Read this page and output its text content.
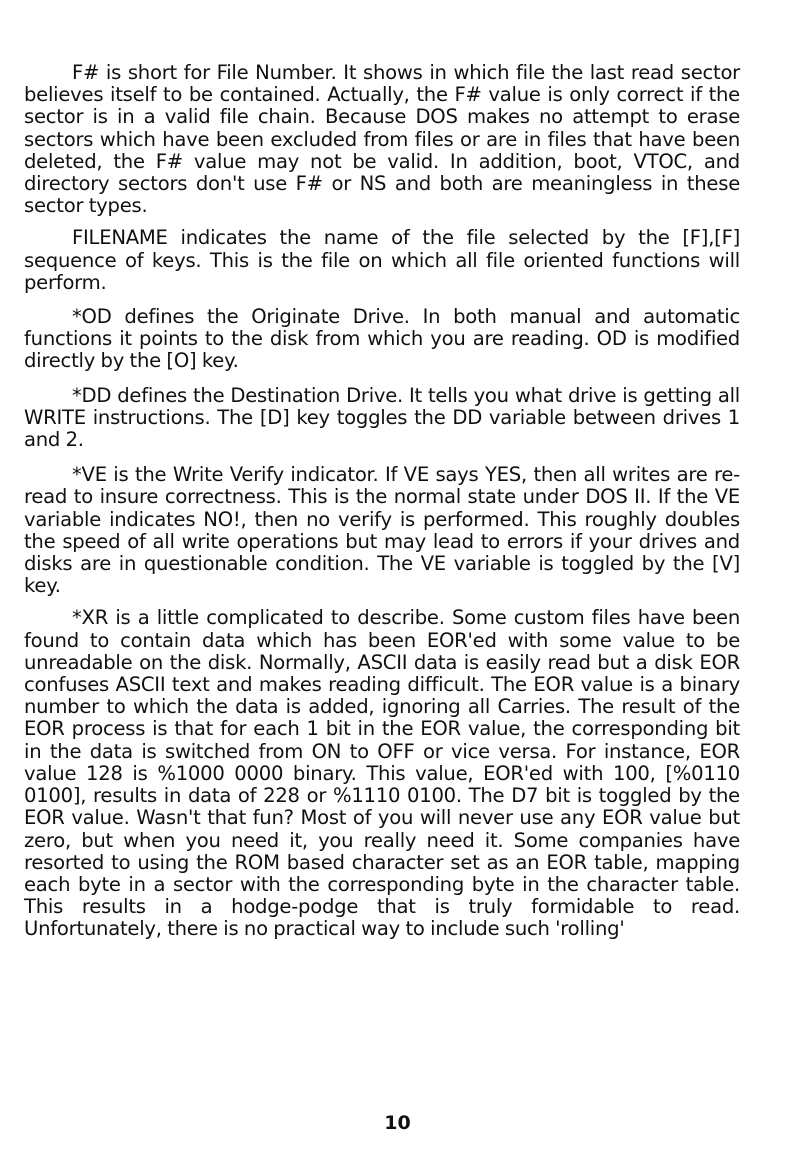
F# is short for File Number. It shows in which file the last read sector believes itself to be contained. Actually, the F# value is only correct if the sector is in a valid file chain. Because DOS makes no attempt to erase sectors which have been excluded from files or are in files that have been deleted, the F# value may not be valid. In addition, boot, VTOC, and directory sectors don't use F# or NS and both are meaningless in these sector types.

FILENAME indicates the name of the file selected by the [F],[F] sequence of keys. This is the file on which all file oriented functions will perform.

*OD defines the Originate Drive. In both manual and automatic functions it points to the disk from which you are reading. OD is modified directly by the [O] key.

*DD defines the Destination Drive. It tells you what drive is getting all WRITE instructions. The [D] key toggles the DD variable between drives 1 and 2.

*VE is the Write Verify indicator. If VE says YES, then all writes are re-read to insure correctness. This is the normal state under DOS II. If the VE variable indicates NO!, then no verify is performed. This roughly doubles the speed of all write operations but may lead to errors if your drives and disks are in questionable condition. The VE variable is toggled by the [V] key.

*XR is a little complicated to describe. Some custom files have been found to contain data which has been EOR'ed with some value to be unreadable on the disk. Normally, ASCII data is easily read but a disk EOR confuses ASCII text and makes reading difficult. The EOR value is a binary number to which the data is added, ignoring all Carries. The result of the EOR process is that for each 1 bit in the EOR value, the corresponding bit in the data is switched from ON to OFF or vice versa. For instance, EOR value 128 is %1000 0000 binary. This value, EOR'ed with 100, [%0110 0100], results in data of 228 or %1110 0100. The D7 bit is toggled by the EOR value. Wasn't that fun? Most of you will never use any EOR value but zero, but when you need it, you really need it. Some companies have resorted to using the ROM based character set as an EOR table, mapping each byte in a sector with the corresponding byte in the character table. This results in a hodge-podge that is truly formidable to read. Unfortunately, there is no practical way to include such 'rolling'

10
